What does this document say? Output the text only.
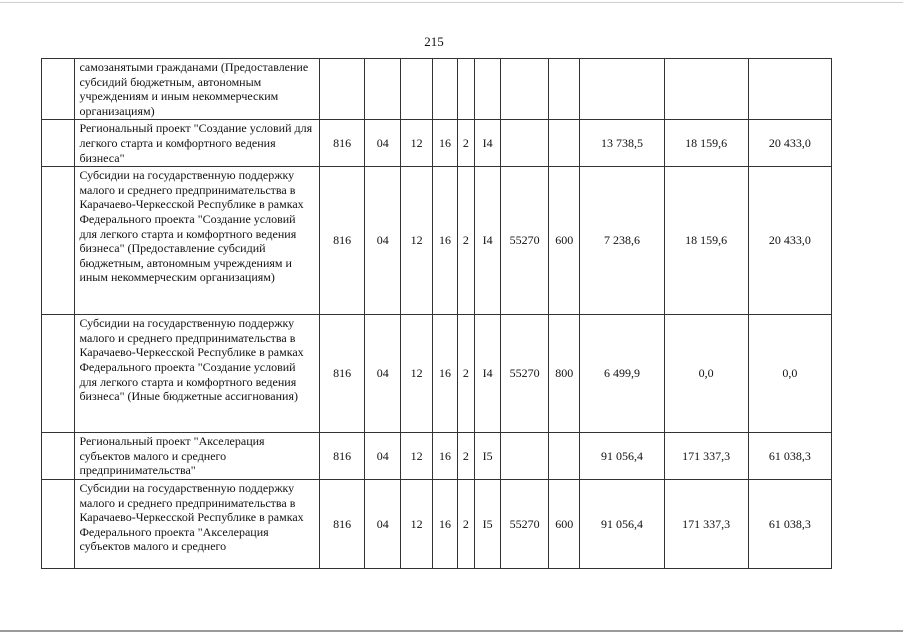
215
	самозанятыми гражданами (Предоставление субсидий бюджетным, автономным учреждениям и иным некоммерческим организациям)											
	Региональный проект "Создание условий для легкого старта и комфортного ведения бизнеса"	816	04	12	16	2	I4			13 738,5	18 159,6	20 433,0
	Субсидии на государственную поддержку малого и среднего предпринимательства в Карачаево-Черкесской Республике в рамках Федерального проекта "Создание условий для легкого старта и комфортного ведения бизнеса" (Предоставление субсидий бюджетным, автономным учреждениям и иным некоммерческим организациям)	816	04	12	16	2	I4	55270	600	7 238,6	18 159,6	20 433,0
	Субсидии на государственную поддержку малого и среднего предпринимательства в Карачаево-Черкесской Республике в рамках Федерального проекта "Создание условий для легкого старта и комфортного ведения бизнеса" (Иные бюджетные ассигнования)	816	04	12	16	2	I4	55270	800	6 499,9	0,0	0,0
	Региональный проект "Акселерация субъектов малого и среднего предпринимательства"	816	04	12	16	2	I5			91 056,4	171 337,3	61 038,3
	Субсидии на государственную поддержку малого и среднего предпринимательства в Карачаево-Черкесской Республике в рамках Федерального проекта "Акселерация субъектов малого и среднего	816	04	12	16	2	I5	55270	600	91 056,4	171 337,3	61 038,3
